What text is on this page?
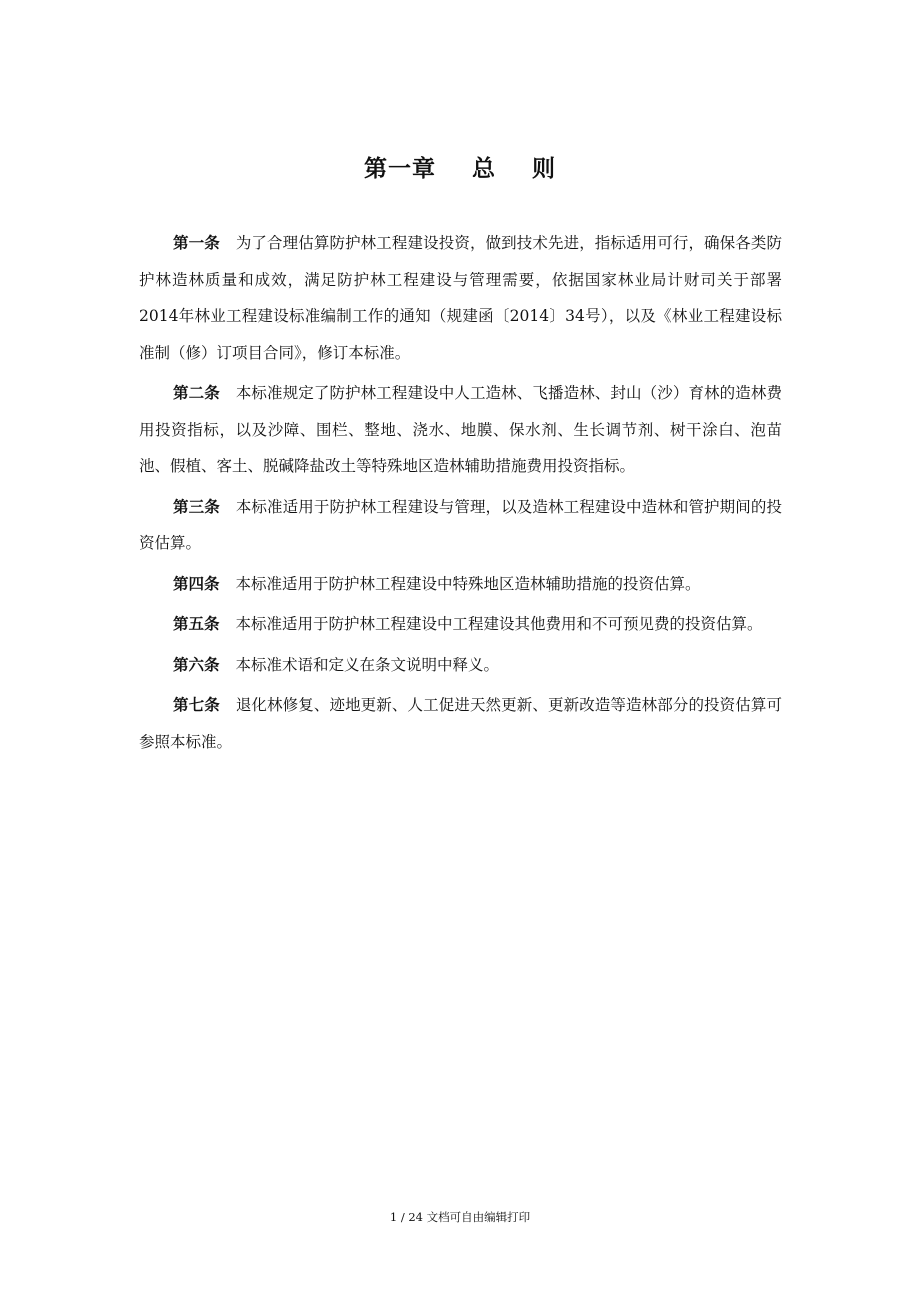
第一章    总    则

第一条 为了合理估算防护林工程建设投资，做到技术先进，指标适用可行，确保各类防护林造林质量和成效，满足防护林工程建设与管理需要，依据国家林业局计财司关于部署2014年林业工程建设标准编制工作的通知（规建函〔2014〕34号），以及《林业工程建设标准制（修）订项目合同》，修订本标准。

第二条 本标准规定了防护林工程建设中人工造林、飞播造林、封山（沙）育林的造林费用投资指标，以及沙障、围栏、整地、浇水、地膜、保水剂、生长调节剂、树干涂白、泡苗池、假植、客土、脱碱降盐改土等特殊地区造林辅助措施费用投资指标。

第三条 本标准适用于防护林工程建设与管理，以及造林工程建设中造林和管护期间的投资估算。

第四条 本标准适用于防护林工程建设中特殊地区造林辅助措施的投资估算。

第五条 本标准适用于防护林工程建设中工程建设其他费用和不可预见费的投资估算。

第六条 本标准术语和定义在条文说明中释义。

第七条 退化林修复、迹地更新、人工促进天然更新、更新改造等造林部分的投资估算可参照本标准。

1 / 24 文档可自由编辑打印
